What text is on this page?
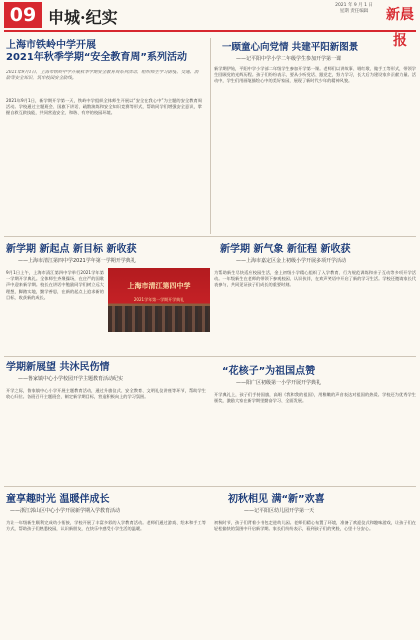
09 申城·纪实
2021 年 9 月 1 日
星期 责任编辑	新晨报
上海市铁岭中学开展
2021年秋季学期“安全教育周”系列活动
2021年9月1日，上海市铁岭中学开展秋季学期安全教育周系列活动，组织师生学习防疫、交通、消防等安全知识，筑牢校园安全防线。
2021年9月1日，新学期开学第一天，铁岭中学组织全体师生开展以“安全在我心中”为主题的安全教育周活动。学校通过主题班会、国旗下讲话、疏散演练和安全知识竞赛等形式，帮助同学们增强安全意识，掌握自救互救技能，共同营造安全、和谐、有序的校园环境。
一顾童心向党情 共建平阳新图景
——记平阳中学小学二年级学生参加开学第一课
新学期伊始，平阳中学小学部二年级学生参加开学第一课。老师们以讲故事、唱红歌、做手工等形式，带领学生回顾党的光辉历程。孩子们纷纷表示，要从小听党话、跟党走，努力学习，长大后为建设家乡贡献力量。活动中，学生们用画笔描绘心中的美好家园，展现了新时代少年的精神风貌。
新学期 新起点 新目标 新收获
——上海市清江第四中学2021学年第一学期开学典礼
9月1日上午，上海市清江第四中学举行2021学年第一学期开学典礼。全体师生齐聚操场，在庄严的国歌声中迎来新学期。校长在讲话中勉励同学们树立远大理想，脚踏实地，勤学善思，在新的起点上追求新的目标，收获新的成长。
上海市清江第四中学
2021学年第一学期开学典礼
新学期 新气象 新征程 新收获
——上海市嘉定区金上初级小学开展多项开学活动
为帮助新生尽快适应校园生活，金上初级小学精心组织了入学教育、行为规范训练和亲子互动等多项开学活动。一年级新生在老师的带领下参观校园、认识伙伴，在欢声笑语中开启了新的学习生活。学校还邀请家长代表参与，共同见证孩子们成长的重要时刻。
学期新展望 共沐民伤情
——鲁家镇中心小学校园开学主题教育活动纪实
开学之际，鲁家镇中心小学开展主题教育活动，通过升旗仪式、安全教育、文明礼仪讲座等环节，帮助学生收心归位。各班召开主题班会，制定新学期目标，营造积极向上的学习氛围。
“花核子”为祖国点赞
——阳广区初级第一小学开展开学典礼
开学典礼上，孩子们手持国旗，高唱《我和我的祖国》，用稚嫩的声音表达对祖国的热爱。学校还为优秀学生颁奖，激励大家在新学期里勤奋学习、全面发展。
童享趣时光 温暖伴成长
——浙江郭山区中心小学开展新学期入学教育活动
为让一年级新生顺利完成幼小衔接，学校开展了丰富多彩的入学教育活动。老师们通过游戏、绘本和手工等方式，帮助孩子们熟悉校园，认识新朋友，在快乐中感受小学生活的温暖。
初秋相见 满“新”欢喜
——记平阳区幼儿园开学第一天
初秋时节，孩子们背着小书包走进幼儿园。老师们精心布置了环境，准备了欢迎仪式和趣味游戏，让孩子们在轻松愉快的氛围中开启新学期。家长们纷纷表示，看到孩子们的笑脸，心里十分安心。
